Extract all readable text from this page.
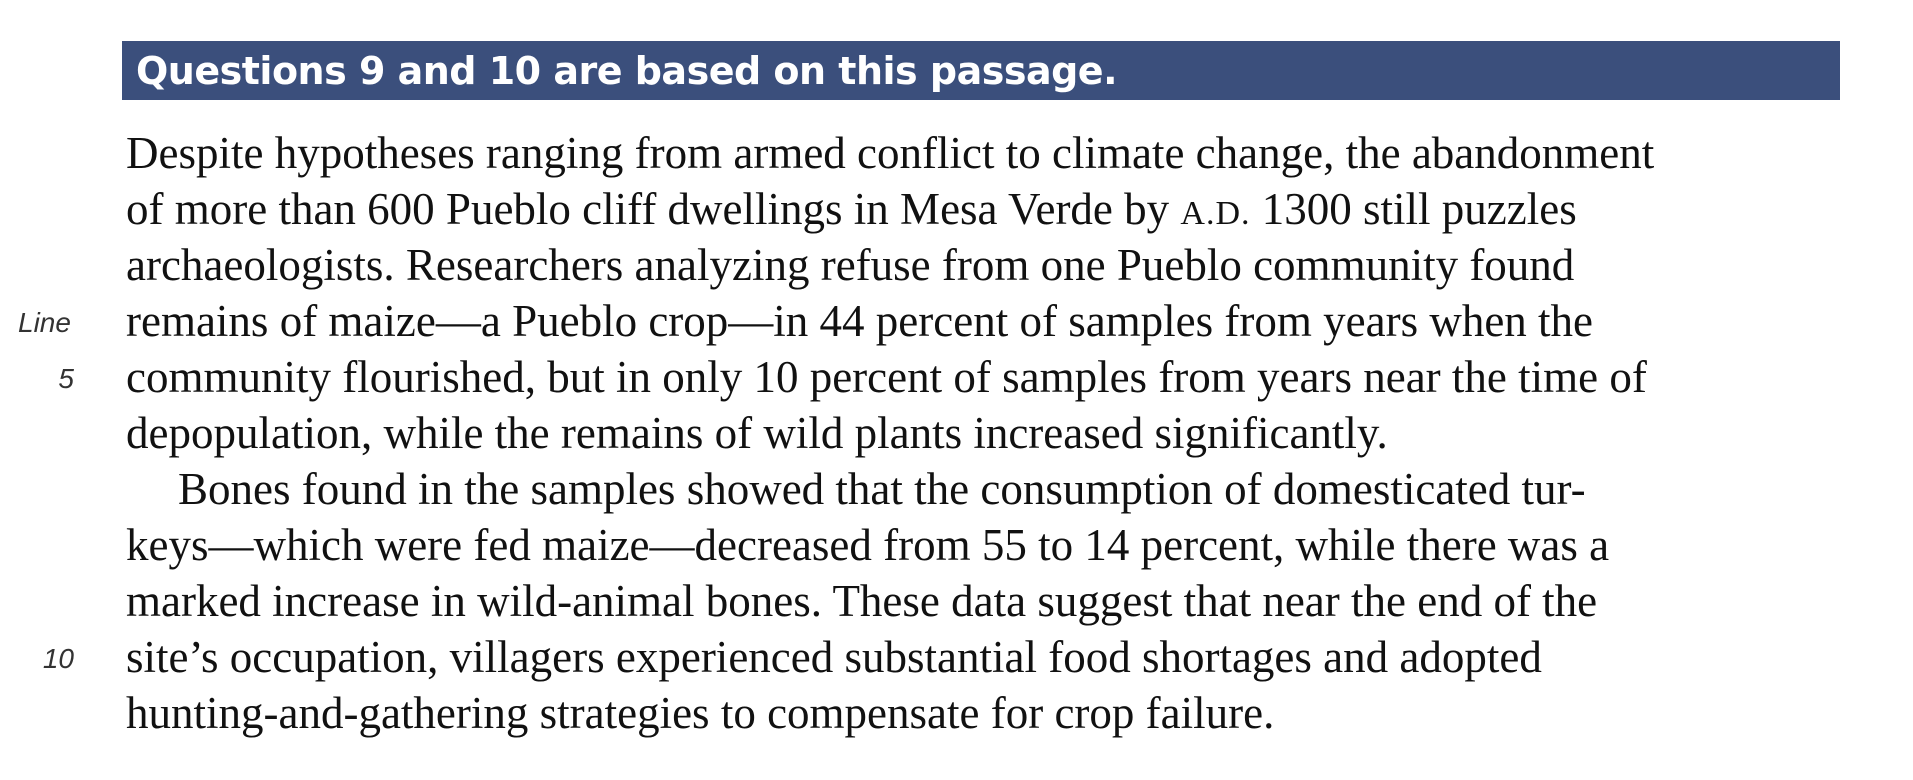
Questions 9 and 10 are based on this passage.
Despite hypotheses ranging from armed conflict to climate change, the abandonment
of more than 600 Pueblo cliff dwellings in Mesa Verde by A.D. 1300 still puzzles
archaeologists. Researchers analyzing refuse from one Pueblo community found
Line	remains of maize—a Pueblo crop—in 44 percent of samples from years when the
5 community flourished, but in only 10 percent of samples from years near the time of
depopulation, while the remains of wild plants increased significantly.
Bones found in the samples showed that the consumption of domesticated tur-
keys—which were fed maize—decreased from 55 to 14 percent, while there was a
marked increase in wild-animal bones. These data suggest that near the end of the
10 site’s occupation, villagers experienced substantial food shortages and adopted
hunting-and-gathering strategies to compensate for crop failure.
